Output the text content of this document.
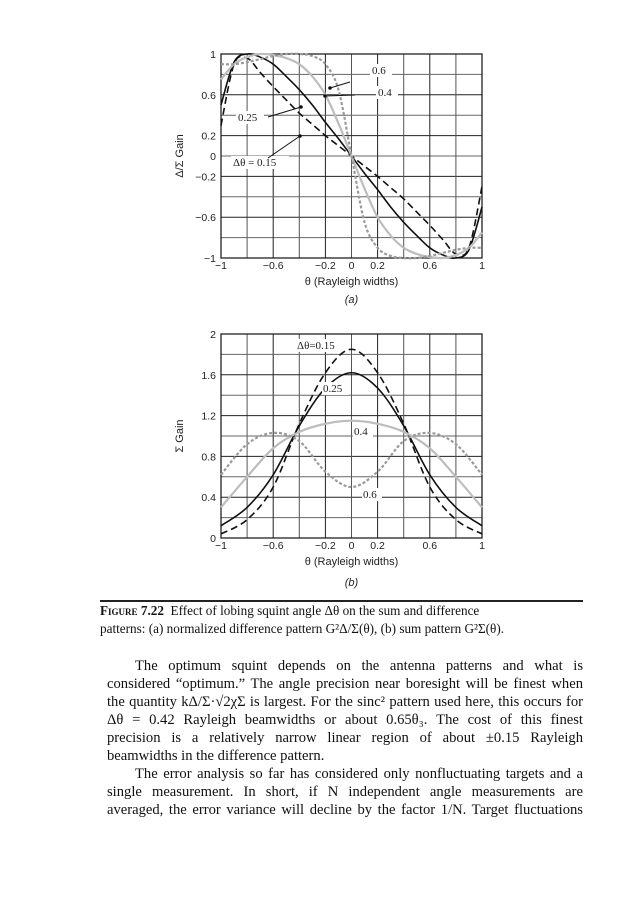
−1	−0.6	−0.2 0 0.2	0.6	1
1
0.6
0.2
0
−0.2
−0.6
−1
θ (Rayleigh widths)
Δ/Σ Gain
(a)
0.6
0.4
0.25
Δθ = 0.15
−1	−0.6	−0.2 0 0.2	0.6	1
2
1.6
1.2
0.8
0.4
0
θ (Rayleigh widths)
Σ Gain
(b)
Δθ=0.15
0.25
0.4
0.6
Figure 7.22 Effect of lobing squint angle Δθ on the sum and difference
patterns: (a) normalized difference pattern G²Δ/Σ(θ), (b) sum pattern G²Σ(θ).
The optimum squint depends on the antenna patterns and what is
considered “optimum.” The angle precision near boresight will be finest when
the quantity kΔ/Σ·√2χΣ is largest. For the sinc² pattern used here, this occurs for
Δθ = 0.42 Rayleigh beamwidths or about 0.65θ₃. The cost of this finest
precision is a relatively narrow linear region of about ±0.15 Rayleigh
beamwidths in the difference pattern.
The error analysis so far has considered only nonfluctuating targets and a
single measurement. In short, if N independent angle measurements are
averaged, the error variance will decline by the factor 1/N. Target fluctuations
